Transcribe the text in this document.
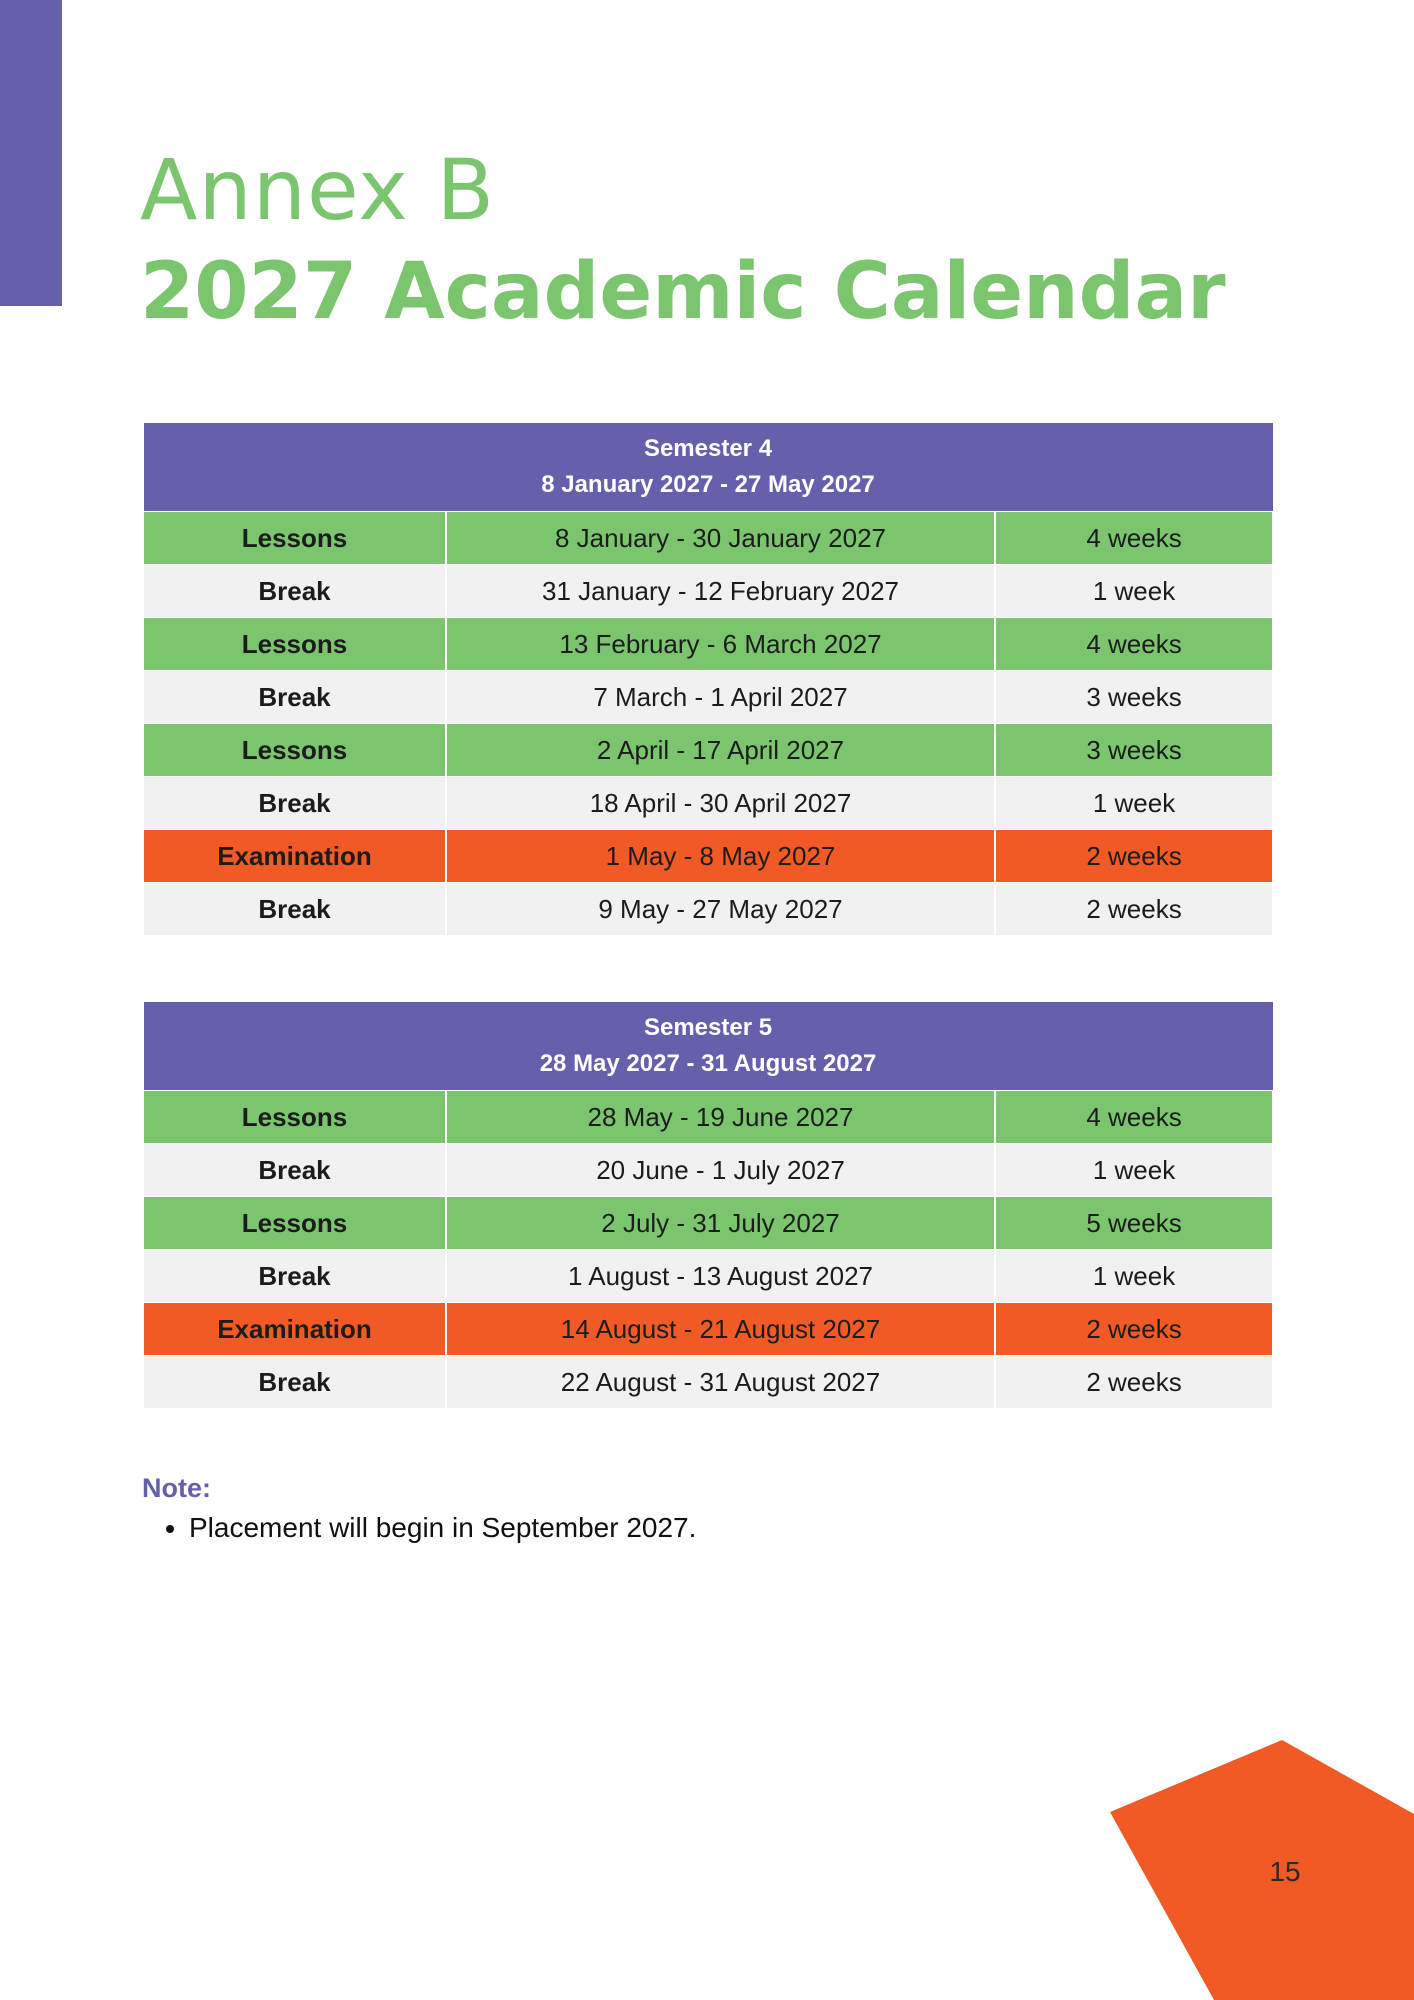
Annex B
2027 Academic Calendar
Semester 4
8 January 2027 - 27 May 2027		

Lessons	8 January - 30 January 2027	4 weeks
Break	31 January - 12 February 2027	1 week
Lessons	13 February - 6 March 2027	4 weeks
Break	7 March - 1 April 2027	3 weeks
Lessons	2 April - 17 April 2027	3 weeks
Break	18 April - 30 April 2027	1 week
Examination	1 May - 8 May 2027	2 weeks
Break	9 May - 27 May 2027	2 weeks
Semester 5
28 May 2027 - 31 August 2027		

Lessons	28 May - 19 June 2027	4 weeks
Break	20 June - 1 July 2027	1 week
Lessons	2 July - 31 July 2027	5 weeks
Break	1 August - 13 August 2027	1 week
Examination	14 August - 21 August 2027	2 weeks
Break	22 August - 31 August 2027	2 weeks
Note:
• Placement will begin in September 2027.
15
